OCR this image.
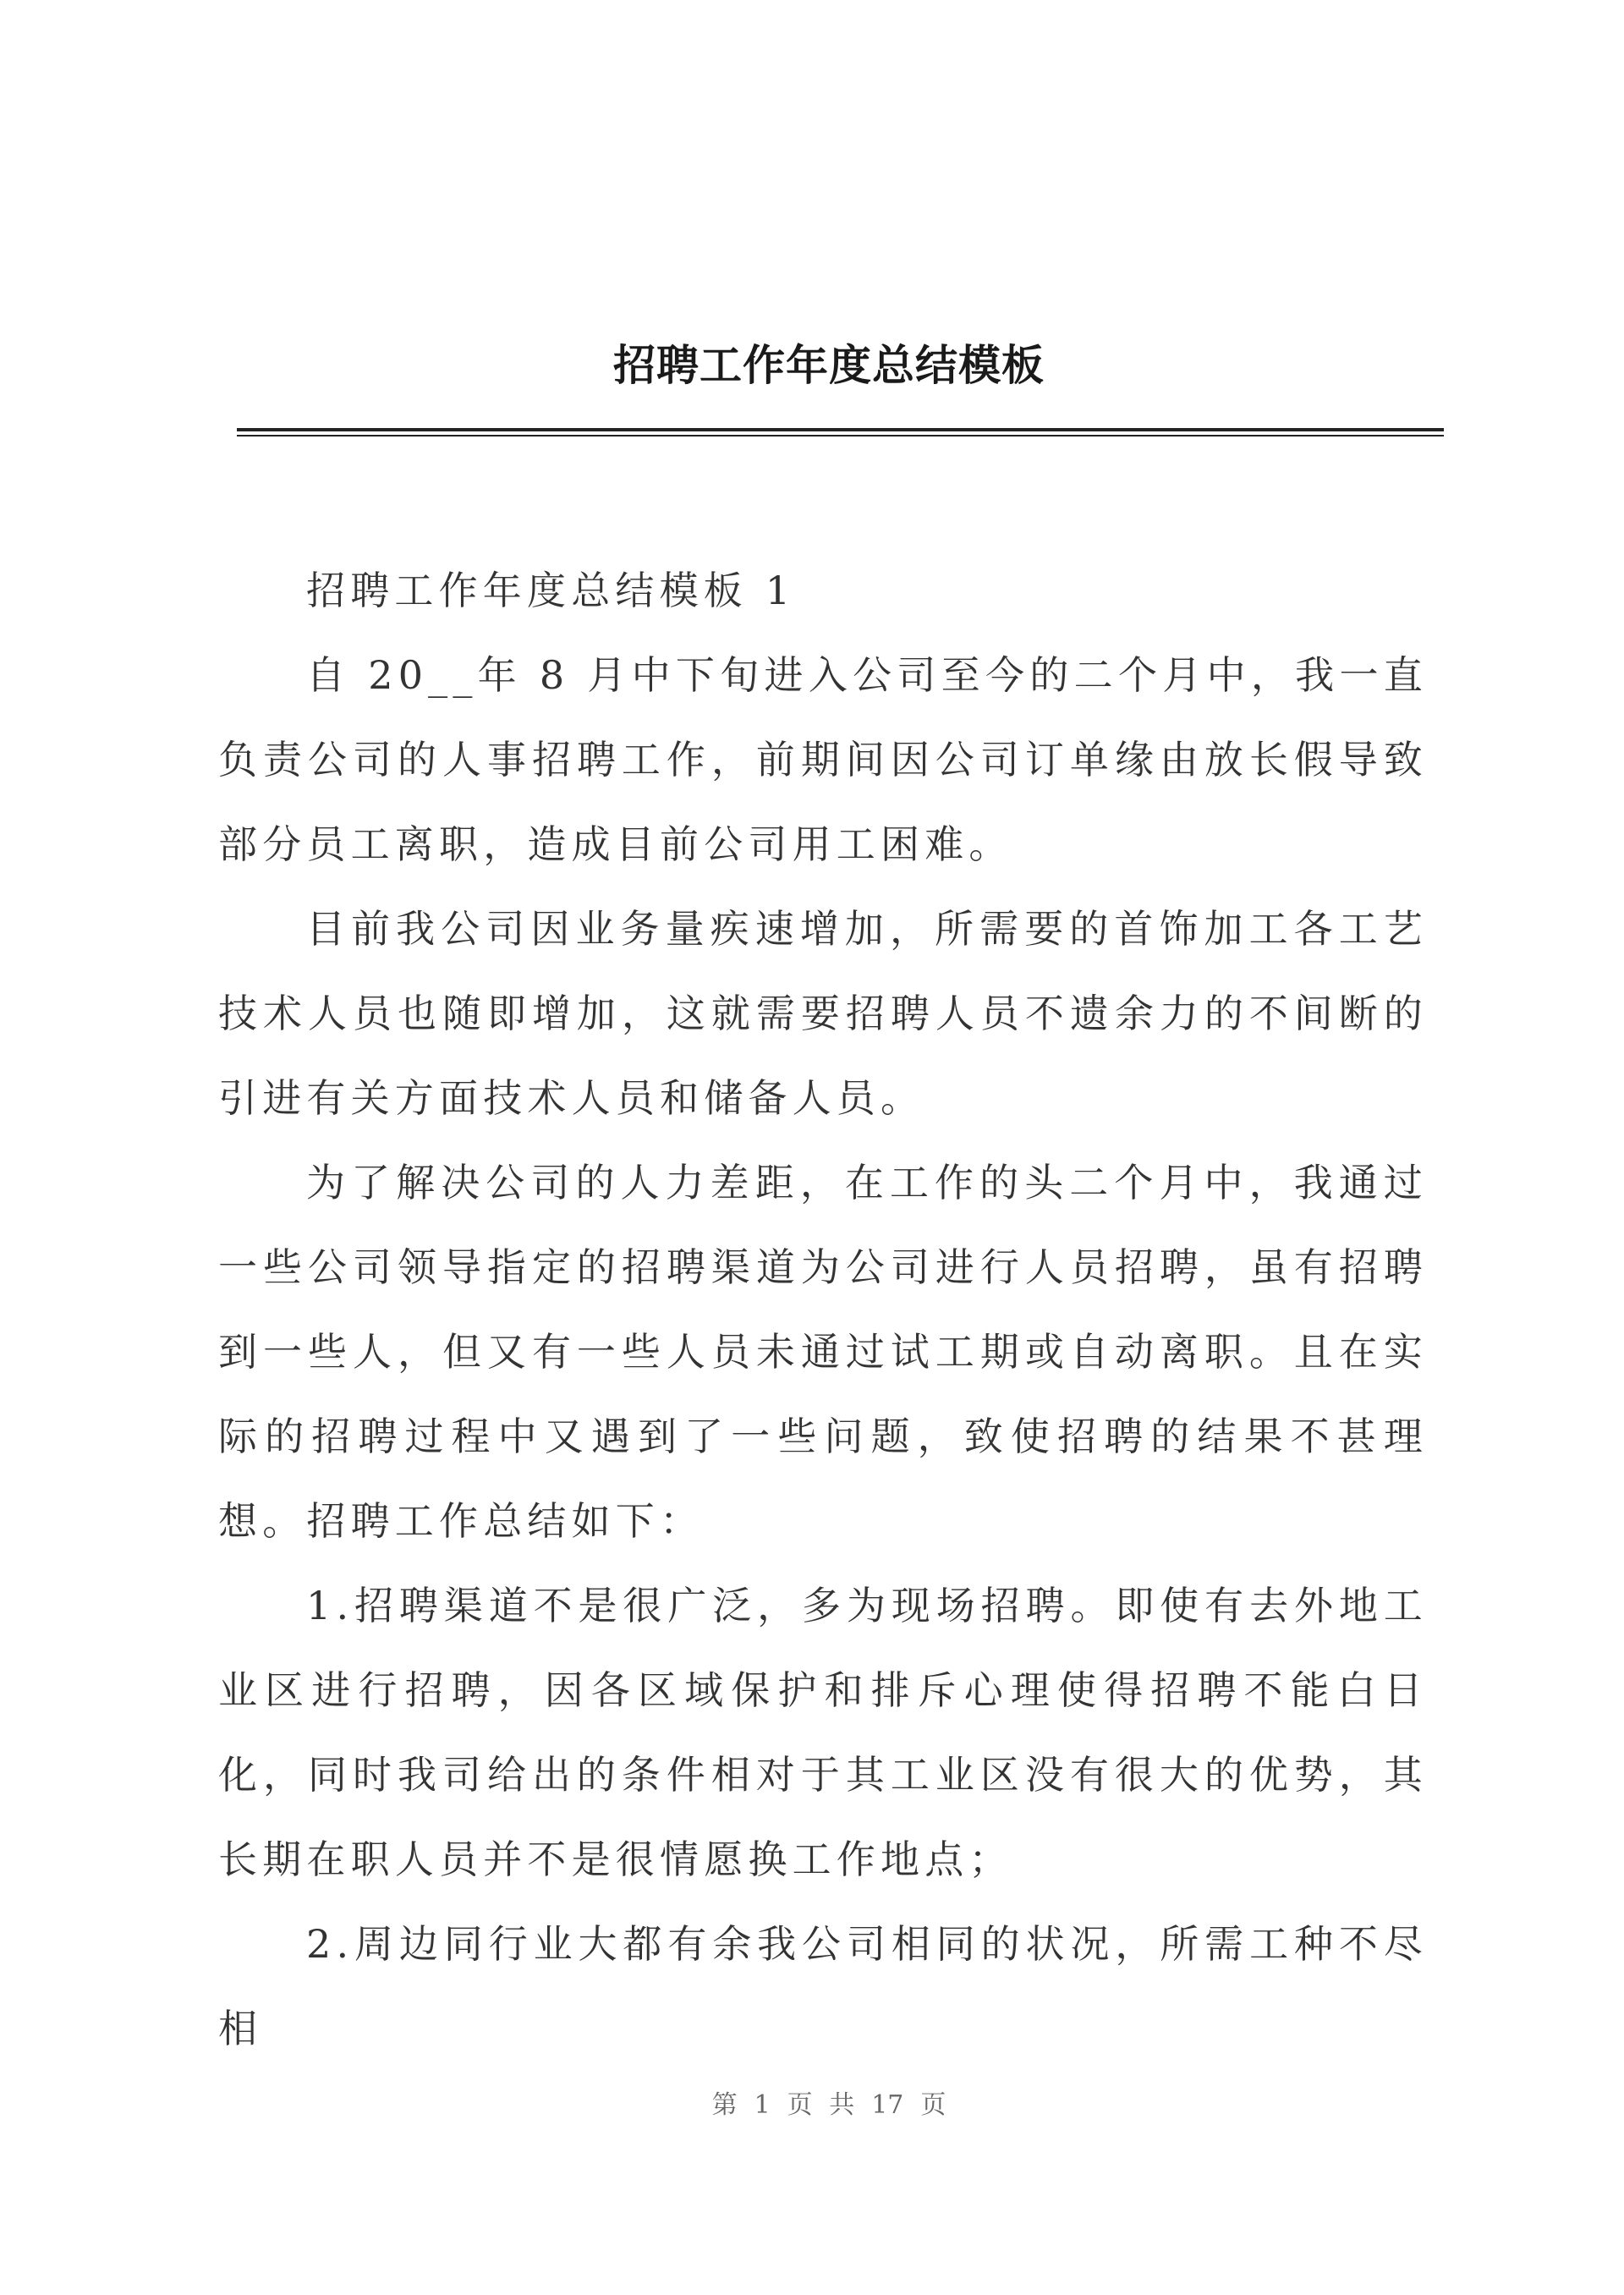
招聘工作年度总结模板

招聘工作年度总结模板 1

自 20__年 8 月中下旬进入公司至今的二个月中，我一直负责公司的人事招聘工作，前期间因公司订单缘由放长假导致部分员工离职，造成目前公司用工困难。

目前我公司因业务量疾速增加，所需要的首饰加工各工艺技术人员也随即增加，这就需要招聘人员不遗余力的不间断的引进有关方面技术人员和储备人员。

为了解决公司的人力差距，在工作的头二个月中，我通过一些公司领导指定的招聘渠道为公司进行人员招聘，虽有招聘到一些人，但又有一些人员未通过试工期或自动离职。且在实际的招聘过程中又遇到了一些问题，致使招聘的结果不甚理想。招聘工作总结如下：

1.招聘渠道不是很广泛，多为现场招聘。即使有去外地工业区进行招聘，因各区域保护和排斥心理使得招聘不能白日化，同时我司给出的条件相对于其工业区没有很大的优势，其长期在职人员并不是很情愿换工作地点；

2.周边同行业大都有余我公司相同的状况，所需工种不尽相

第 1 页 共 17 页
